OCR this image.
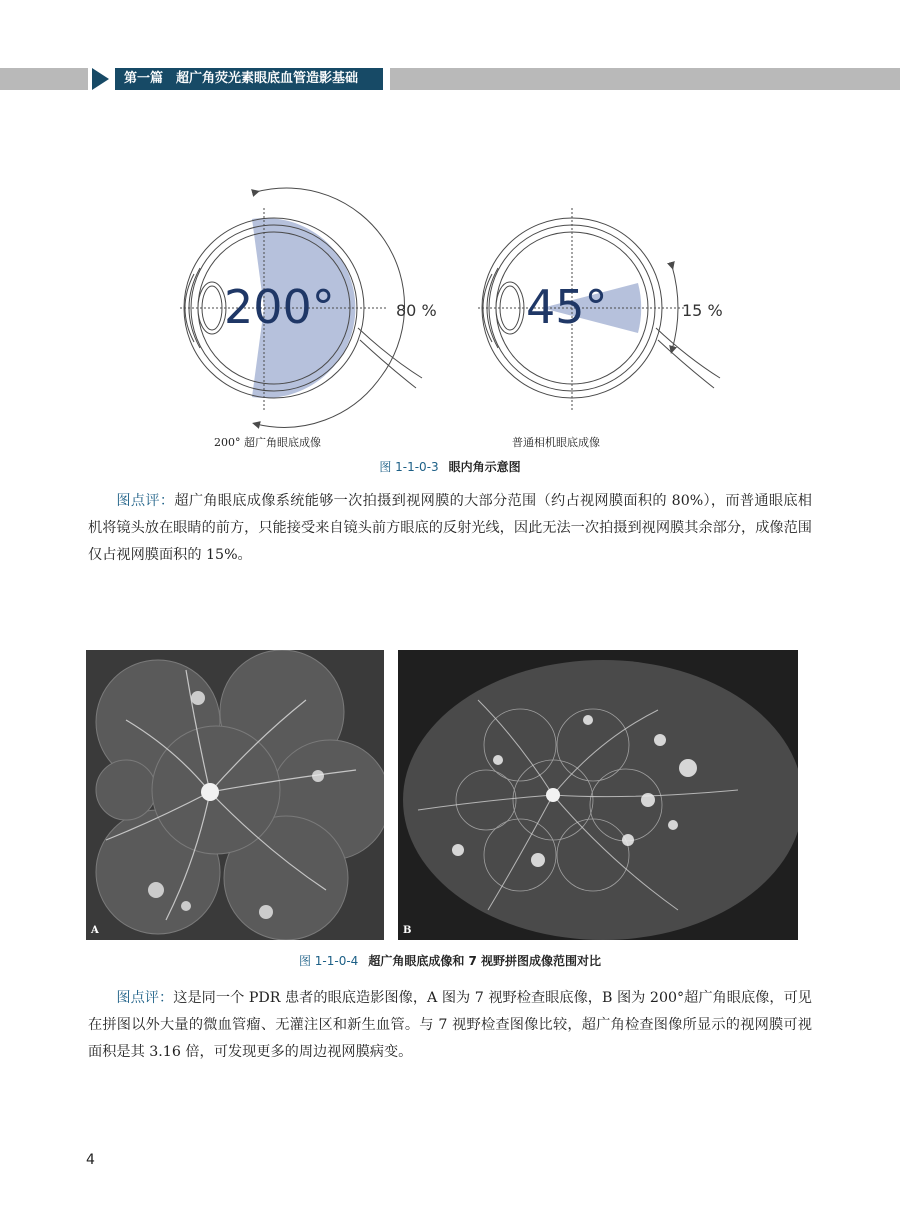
第一篇　超广角荧光素眼底血管造影基础
200°	45°
80 %	15 %
200° 超广角眼底成像	普通相机眼底成像
图 1-1-0-3 眼内角示意图
图点评：超广角眼底成像系统能够一次拍摄到视网膜的大部分范围（约占视网膜面积的 80%），而普通眼底相机将镜头放在眼睛的前方，只能接受来自镜头前方眼底的反射光线，因此无法一次拍摄到视网膜其余部分，成像范围仅占视网膜面积的 15%。
A	B
图 1-1-0-4 超广角眼底成像和 7 视野拼图成像范围对比
图点评：这是同一个 PDR 患者的眼底造影图像，A 图为 7 视野检查眼底像，B 图为 200°超广角眼底像，可见在拼图以外大量的微血管瘤、无灌注区和新生血管。与 7 视野检查图像比较，超广角检查图像所显示的视网膜可视面积是其 3.16 倍，可发现更多的周边视网膜病变。
4
